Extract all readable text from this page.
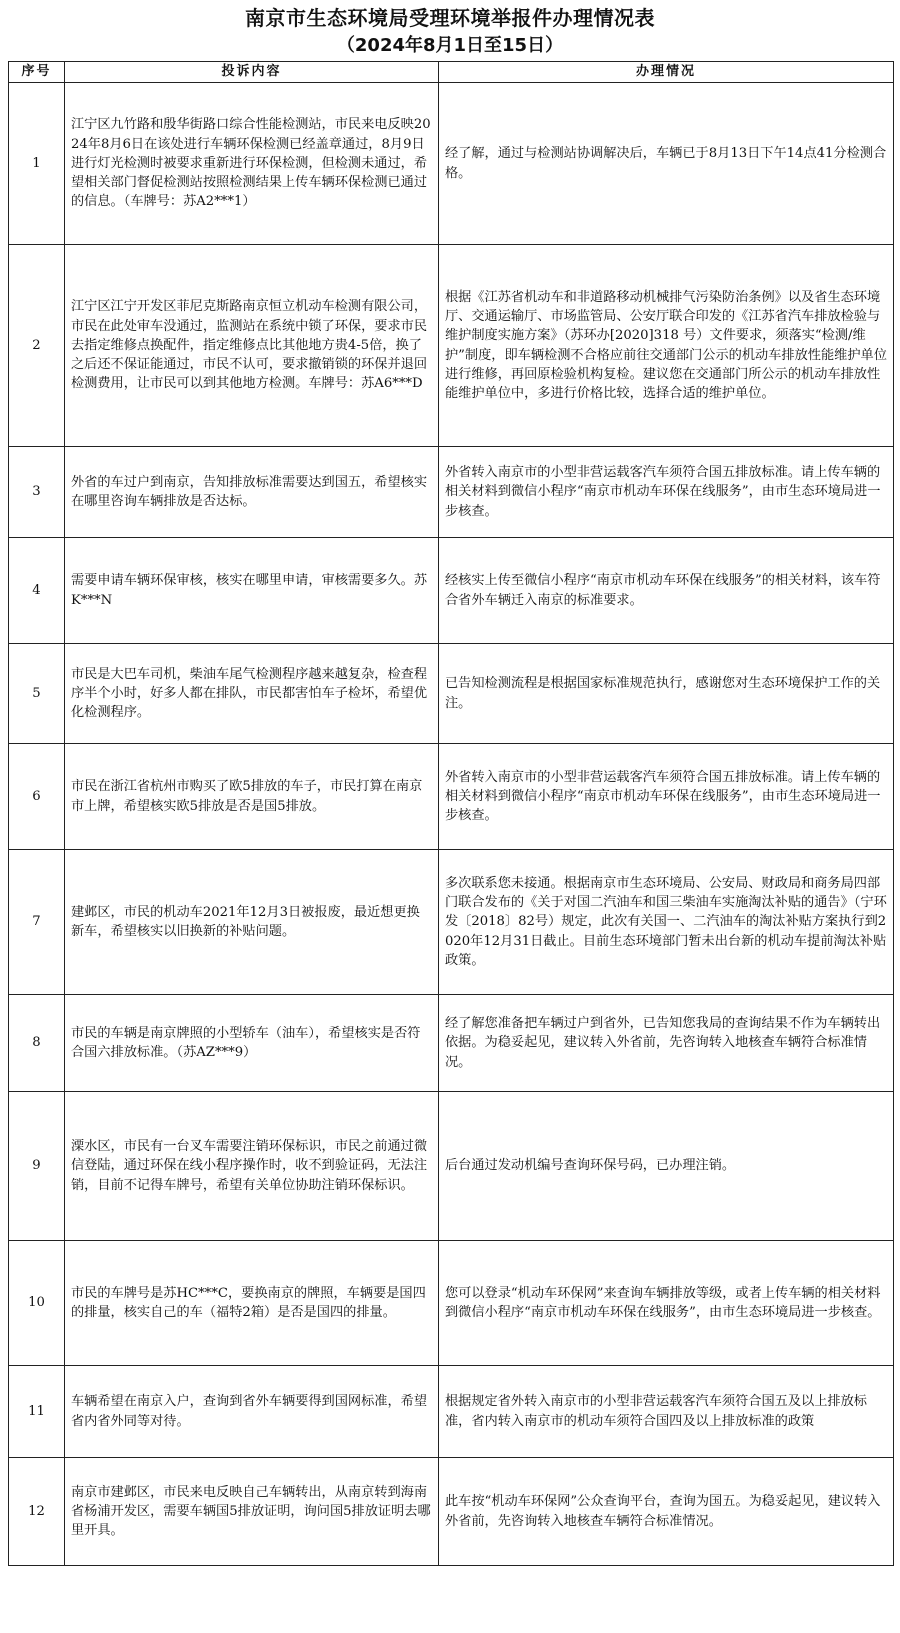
南京市生态环境局受理环境举报件办理情况表
（2024年8月1日至15日）
序号	投诉内容	办理情况
1	江宁区九竹路和殷华街路口综合性能检测站，市民来电反映2024年8月6日在该处进行车辆环保检测已经盖章通过，8月9日进行灯光检测时被要求重新进行环保检测，但检测未通过，希望相关部门督促检测站按照检测结果上传车辆环保检测已通过的信息。（车牌号：苏A2***1）	经了解，通过与检测站协调解决后，车辆已于8月13日下午14点41分检测合格。
2	江宁区江宁开发区菲尼克斯路南京恒立机动车检测有限公司，市民在此处审车没通过，监测站在系统中锁了环保，要求市民去指定维修点换配件，指定维修点比其他地方贵4-5倍，换了之后还不保证能通过，市民不认可，要求撤销锁的环保并退回检测费用，让市民可以到其他地方检测。车牌号：苏A6***D	根据《江苏省机动车和非道路移动机械排气污染防治条例》以及省生态环境厅、交通运输厅、市场监管局、公安厅联合印发的《江苏省汽车排放检验与维护制度实施方案》（苏环办[2020]318 号）文件要求，须落实“检测/维护”制度，即车辆检测不合格应前往交通部门公示的机动车排放性能维护单位进行维修，再回原检验机构复检。建议您在交通部门所公示的机动车排放性能维护单位中，多进行价格比较，选择合适的维护单位。
3	外省的车过户到南京，告知排放标准需要达到国五，希望核实在哪里咨询车辆排放是否达标。	外省转入南京市的小型非营运载客汽车须符合国五排放标准。请上传车辆的相关材料到微信小程序“南京市机动车环保在线服务”，由市生态环境局进一步核查。
4	需要申请车辆环保审核，核实在哪里申请，审核需要多久。苏K***N	经核实上传至微信小程序“南京市机动车环保在线服务”的相关材料，该车符合省外车辆迁入南京的标准要求。
5	市民是大巴车司机，柴油车尾气检测程序越来越复杂，检查程序半个小时，好多人都在排队，市民都害怕车子检坏，希望优化检测程序。	已告知检测流程是根据国家标准规范执行，感谢您对生态环境保护工作的关注。
6	市民在浙江省杭州市购买了欧5排放的车子，市民打算在南京市上牌，希望核实欧5排放是否是国5排放。	外省转入南京市的小型非营运载客汽车须符合国五排放标准。请上传车辆的相关材料到微信小程序“南京市机动车环保在线服务”，由市生态环境局进一步核查。
7	建邺区，市民的机动车2021年12月3日被报废，最近想更换新车，希望核实以旧换新的补贴问题。	多次联系您未接通。根据南京市生态环境局、公安局、财政局和商务局四部门联合发布的《关于对国二汽油车和国三柴油车实施淘汰补贴的通告》（宁环发〔2018〕82号）规定，此次有关国一、二汽油车的淘汰补贴方案执行到2020年12月31日截止。目前生态环境部门暂未出台新的机动车提前淘汰补贴政策。
8	市民的车辆是南京牌照的小型轿车（油车），希望核实是否符合国六排放标准。（苏AZ***9）	经了解您准备把车辆过户到省外，已告知您我局的查询结果不作为车辆转出依据。为稳妥起见，建议转入外省前，先咨询转入地核查车辆符合标准情况。
9	溧水区，市民有一台叉车需要注销环保标识，市民之前通过微信登陆，通过环保在线小程序操作时，收不到验证码，无法注销，目前不记得车牌号，希望有关单位协助注销环保标识。	后台通过发动机编号查询环保号码，已办理注销。
10	市民的车牌号是苏HC***C，要换南京的牌照，车辆要是国四的排量，核实自己的车（福特2箱）是否是国四的排量。	您可以登录“机动车环保网”来查询车辆排放等级，或者上传车辆的相关材料到微信小程序“南京市机动车环保在线服务”，由市生态环境局进一步核查。
11	车辆希望在南京入户，查询到省外车辆要得到国网标准，希望省内省外同等对待。	根据规定省外转入南京市的小型非营运载客汽车须符合国五及以上排放标准，省内转入南京市的机动车须符合国四及以上排放标准的政策
12	南京市建邺区，市民来电反映自己车辆转出，从南京转到海南省杨浦开发区，需要车辆国5排放证明，询问国5排放证明去哪里开具。	此车按“机动车环保网”公众查询平台，查询为国五。为稳妥起见，建议转入外省前，先咨询转入地核查车辆符合标准情况。
